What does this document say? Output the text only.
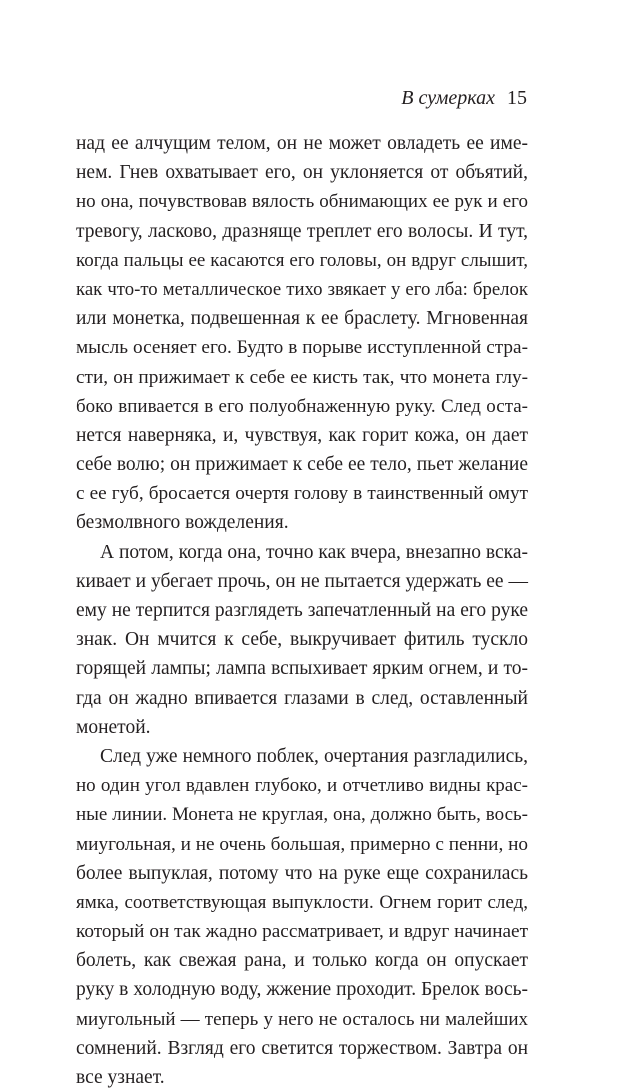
В сумерках 15
над ее алчущим телом, он не может овладеть ее име-
нем. Гнев охватывает его, он уклоняется от объятий,
но она, почувствовав вялость обнимающих ее рук и его
тревогу, ласково, дразняще треплет его волосы. И тут,
когда пальцы ее касаются его головы, он вдруг слышит,
как что-то металлическое тихо звякает у его лба: брелок
или монетка, подвешенная к ее браслету. Мгновенная
мысль осеняет его. Будто в порыве исступленной стра-
сти, он прижимает к себе ее кисть так, что монета глу-
боко впивается в его полуобнаженную руку. След оста-
нется наверняка, и, чувствуя, как горит кожа, он дает
себе волю; он прижимает к себе ее тело, пьет желание
с ее губ, бросается очертя голову в таинственный омут
безмолвного вожделения.
А потом, когда она, точно как вчера, внезапно вска-
кивает и убегает прочь, он не пытается удержать ее —
ему не терпится разглядеть запечатленный на его руке
знак. Он мчится к себе, выкручивает фитиль тускло
горящей лампы; лампа вспыхивает ярким огнем, и то-
гда он жадно впивается глазами в след, оставленный
монетой.
След уже немного поблек, очертания разгладились,
но один угол вдавлен глубоко, и отчетливо видны крас-
ные линии. Монета не круглая, она, должно быть, вось-
миугольная, и не очень большая, примерно с пенни, но
более выпуклая, потому что на руке еще сохранилась
ямка, соответствующая выпуклости. Огнем горит след,
который он так жадно рассматривает, и вдруг начинает
болеть, как свежая рана, и только когда он опускает
руку в холодную воду, жжение проходит. Брелок вось-
миугольный — теперь у него не осталось ни малейших
сомнений. Взгляд его светится торжеством. Завтра он
все узнает.
